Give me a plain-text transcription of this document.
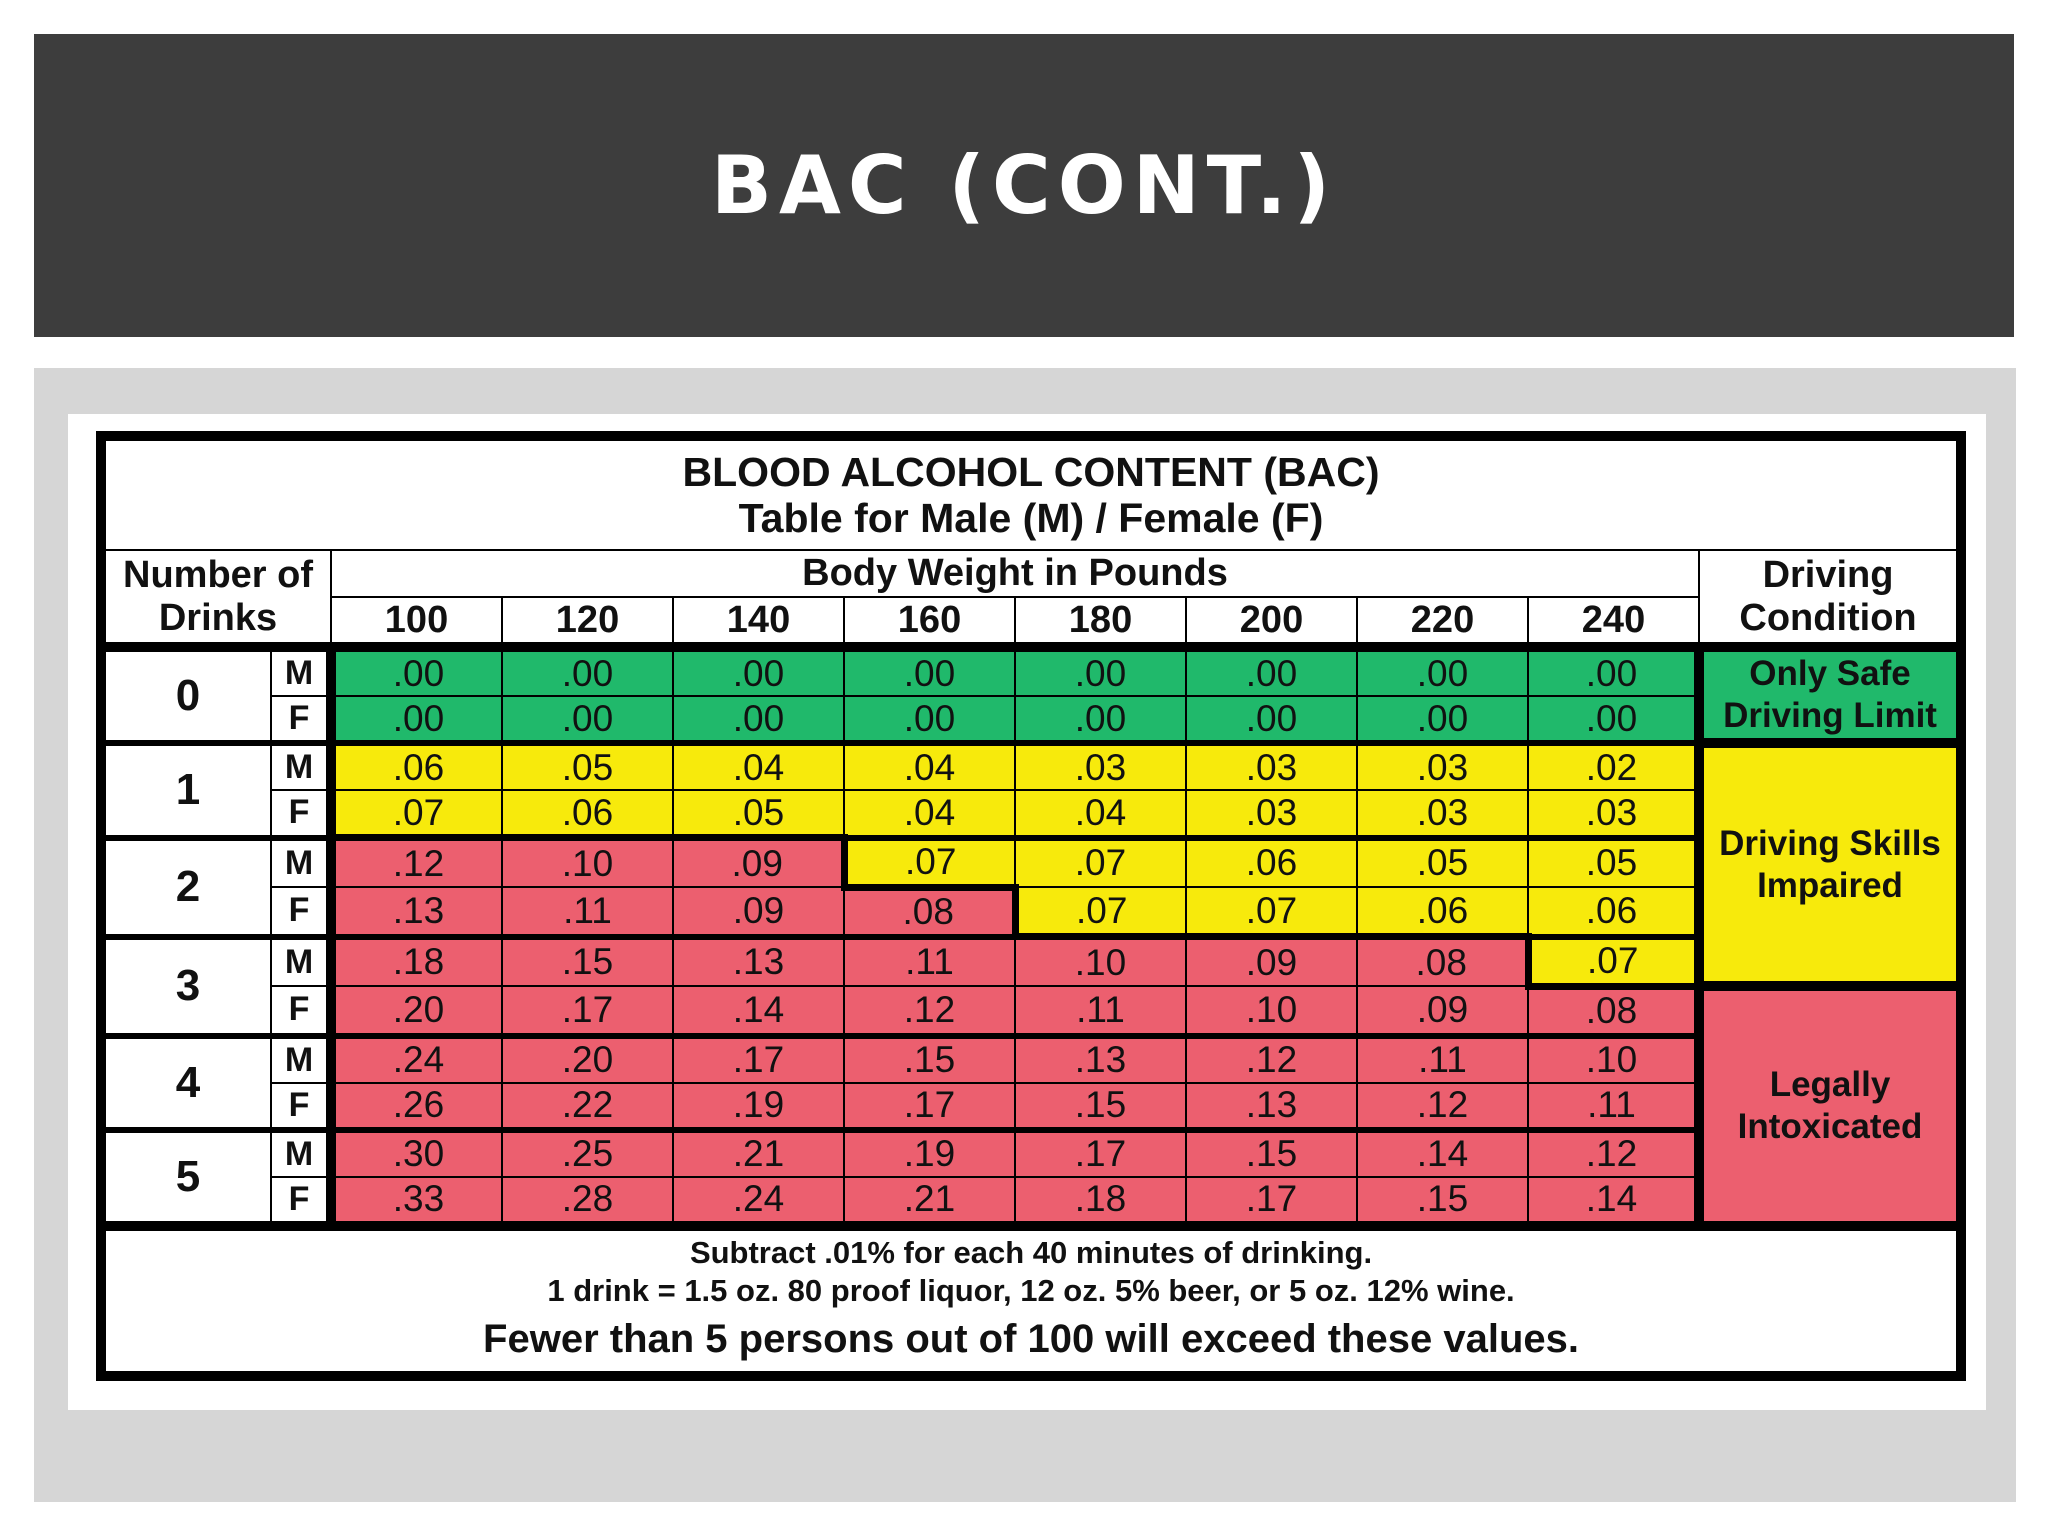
BAC (CONT.)
BLOOD ALCOHOL CONTENT (BAC)
Table for Male (M) / Female (F)										

Number of Drinks		Body Weight in Pounds								Driving Condition
		100	120	140	160	180	200	220	240	
0	M	.00	.00	.00	.00	.00	.00	.00	.00	Only Safe Driving Limit
	F	.00	.00	.00	.00	.00	.00	.00	.00	
1	M	.06	.05	.04	.04	.03	.03	.03	.02	Driving Skills Impaired
	F	.07	.06	.05	.04	.04	.03	.03	.03	
2	M	.12	.10	.09	.07	.07	.06	.05	.05	
	F	.13	.11	.09	.08	.07	.07	.06	.06	
3	M	.18	.15	.13	.11	.10	.09	.08	.07	
	F	.20	.17	.14	.12	.11	.10	.09	.08	Legally Intoxicated
4	M	.24	.20	.17	.15	.13	.12	.11	.10	
	F	.26	.22	.19	.17	.15	.13	.12	.11	
5	M	.30	.25	.21	.19	.17	.15	.14	.12	
	F	.33	.28	.24	.21	.18	.17	.15	.14	

Subtract .01% for each 40 minutes of drinking.
1 drink = 1.5 oz. 80 proof liquor, 12 oz. 5% beer, or 5 oz. 12% wine.
Fewer than 5 persons out of 100 will exceed these values.										
